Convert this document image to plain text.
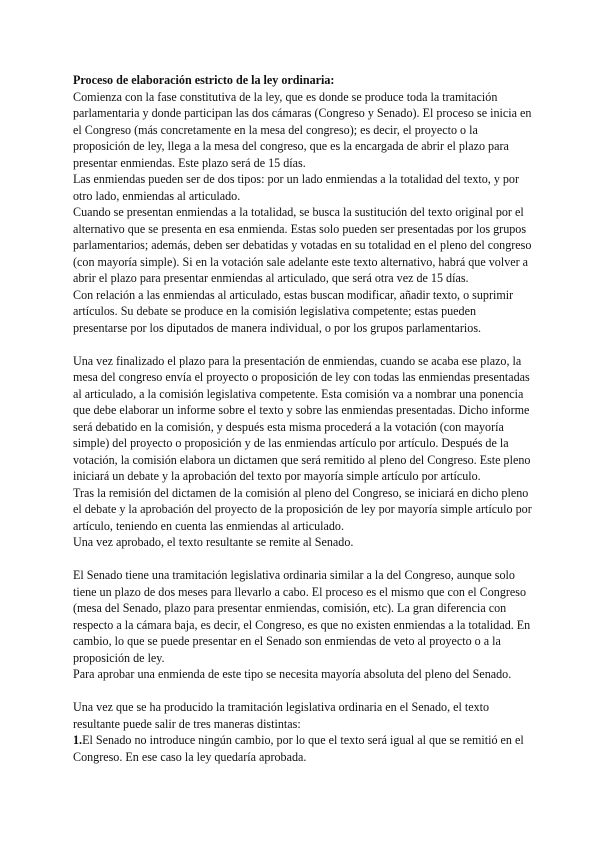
Proceso de elaboración estricto de la ley ordinaria:

Comienza con la fase constitutiva de la ley, que es donde se produce toda la tramitación parlamentaria y donde participan las dos cámaras (Congreso y Senado). El proceso se inicia en el Congreso (más concretamente en la mesa del congreso); es decir, el proyecto o la proposición de ley, llega a la mesa del congreso, que es la encargada de abrir el plazo para presentar enmiendas. Este plazo será de 15 días.

Las enmiendas pueden ser de dos tipos: por un lado enmiendas a la totalidad del texto, y por otro lado, enmiendas al articulado.

Cuando se presentan enmiendas a la totalidad, se busca la sustitución del texto original por el alternativo que se presenta en esa enmienda. Estas solo pueden ser presentadas por los grupos parlamentarios; además, deben ser debatidas y votadas en su totalidad en el pleno del congreso (con mayoría simple). Si en la votación sale adelante este texto alternativo, habrá que volver a abrir el plazo para presentar enmiendas al articulado, que será otra vez de 15 días.

Con relación a las enmiendas al articulado, estas buscan modificar, añadir texto, o suprimir artículos. Su debate se produce en la comisión legislativa competente; estas pueden presentarse por los diputados de manera individual, o por los grupos parlamentarios.

Una vez finalizado el plazo para la presentación de enmiendas, cuando se acaba ese plazo, la mesa del congreso envía el proyecto o proposición de ley con todas las enmiendas presentadas al articulado, a la comisión legislativa competente. Esta comisión va a nombrar una ponencia que debe elaborar un informe sobre el texto y sobre las enmiendas presentadas. Dicho informe será debatido en la comisión, y después esta misma procederá a la votación (con mayoría simple) del proyecto o proposición y de las enmiendas artículo por artículo. Después de la votación, la comisión elabora un dictamen que será remitido al pleno del Congreso. Este pleno iniciará un debate y la aprobación del texto por mayoría simple artículo por artículo.

Tras la remisión del dictamen de la comisión al pleno del Congreso, se iniciará en dicho pleno el debate y la aprobación del proyecto de la proposición de ley por mayoría simple artículo por artículo, teniendo en cuenta las enmiendas al articulado.

Una vez aprobado, el texto resultante se remite al Senado.

El Senado tiene una tramitación legislativa ordinaria similar a la del Congreso, aunque solo tiene un plazo de dos meses para llevarlo a cabo. El proceso es el mismo que con el Congreso (mesa del Senado, plazo para presentar enmiendas, comisión, etc). La gran diferencia con respecto a la cámara baja, es decir, el Congreso, es que no existen enmiendas a la totalidad. En cambio, lo que se puede presentar en el Senado son enmiendas de veto al proyecto o a la proposición de ley.

Para aprobar una enmienda de este tipo se necesita mayoría absoluta del pleno del Senado.

Una vez que se ha producido la tramitación legislativa ordinaria en el Senado, el texto resultante puede salir de tres maneras distintas:

1.El Senado no introduce ningún cambio, por lo que el texto será igual al que se remitió en el Congreso. En ese caso la ley quedaría aprobada.
